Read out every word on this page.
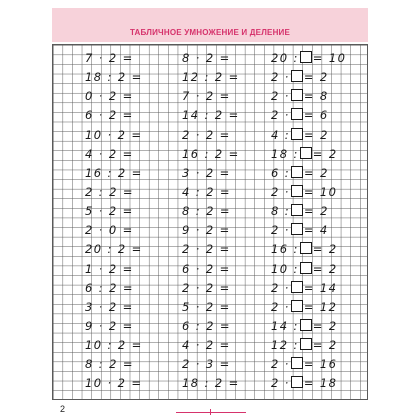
ТАБЛИЧНОЕ УМНОЖЕНИЕ И ДЕЛЕНИЕ
7 · 2 =
18 : 2 =
0 · 2 =
6 · 2 =
10 · 2 =
4 · 2 =
16 : 2 =
2 : 2 =
5 · 2 =
2 · 0 =
20 : 2 =
1 · 2 =
6 : 2 =
3 · 2 =
9 · 2 =
10 : 2 =
8 : 2 =
10 · 2 =
8 · 2 =
12 : 2 =
7 · 2 =
14 : 2 =
2 · 2 =
16 : 2 =
3 · 2 =
4 : 2 =
8 : 2 =
9 · 2 =
2 · 2 =
6 · 2 =
2 · 2 =
5 · 2 =
6 : 2 =
4 · 2 =
2 · 3 =
18 : 2 =
20 : = 10
2 · = 2
2 · = 8
2 · = 6
4 : = 2
18 : = 2
6 : = 2
2 · = 10
8 : = 2
2 · = 4
16 : = 2
10 : = 2
2 · = 14
2 · = 12
14 : = 2
12 : = 2
2 · = 16
2 · = 18
2
